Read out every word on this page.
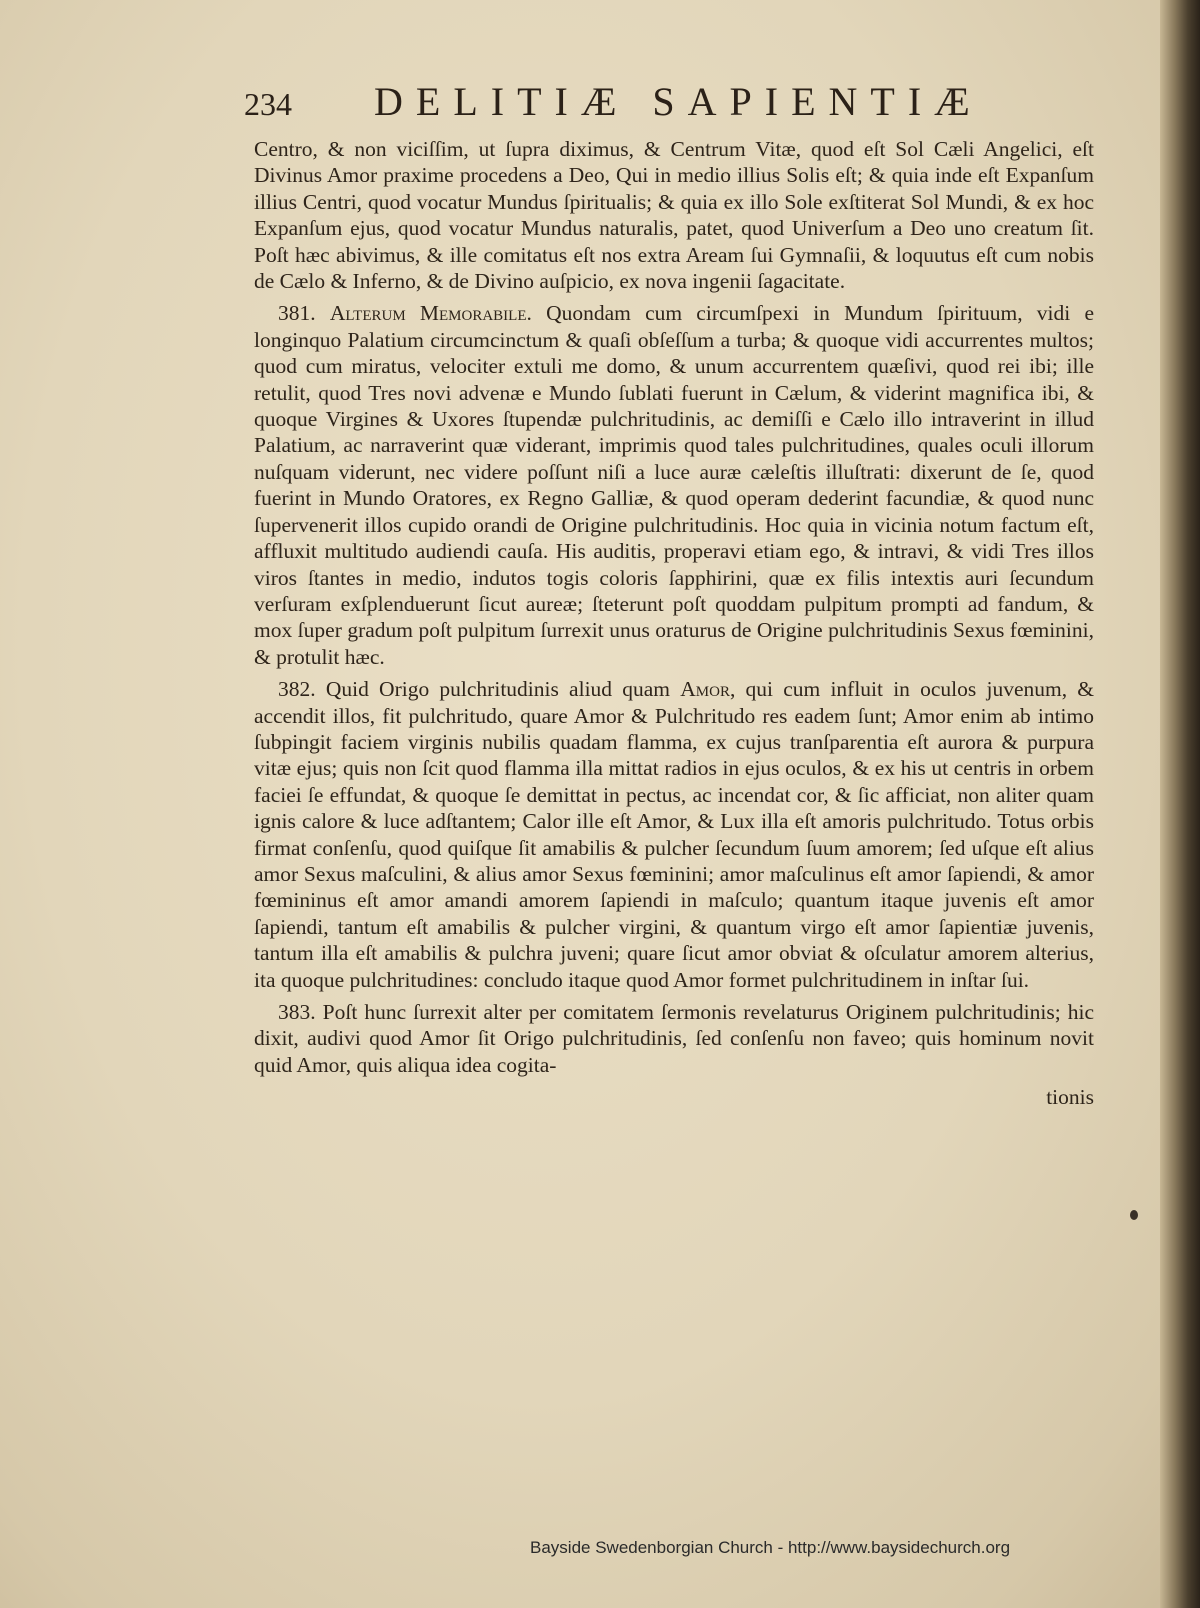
234 DELITIÆ SAPIENTIÆ

Centro, & non viciſſim, ut ſupra diximus, & Centrum Vitæ, quod eſt Sol Cæli Angelici, eſt Divinus Amor praxime procedens a Deo, Qui in medio illius Solis eſt; & quia inde eſt Expanſum illius Centri, quod vocatur Mundus ſpiritualis; & quia ex illo Sole exſtiterat Sol Mundi, & ex hoc Expanſum ejus, quod vocatur Mundus naturalis, patet, quod Univerſum a Deo uno creatum ſit. Poſt hæc abivimus, & ille comitatus eſt nos extra Aream ſui Gymnaſii, & loquutus eſt cum nobis de Cælo & Inferno, & de Divino auſpicio, ex nova ingenii ſagacitate.

381. Alterum Memorabile. Quondam cum circumſpexi in Mundum ſpirituum, vidi e longinquo Palatium circumcinctum & quaſi obſeſſum a turba; & quoque vidi accurrentes multos; quod cum miratus, velociter extuli me domo, & unum accurrentem quæſivi, quod rei ibi; ille retulit, quod Tres novi advenæ e Mundo ſublati fuerunt in Cælum, & viderint magnifica ibi, & quoque Virgines & Uxores ſtupendæ pulchritudinis, ac demiſſi e Cælo illo intraverint in illud Palatium, ac narraverint quæ viderant, imprimis quod tales pulchritudines, quales oculi illorum nuſquam viderunt, nec videre poſſunt niſi a luce auræ cæleſtis illuſtrati: dixerunt de ſe, quod fuerint in Mundo Oratores, ex Regno Galliæ, & quod operam dederint facundiæ, & quod nunc ſupervenerit illos cupido orandi de Origine pulchritudinis. Hoc quia in vicinia notum factum eſt, affluxit multitudo audiendi cauſa. His auditis, properavi etiam ego, & intravi, & vidi Tres illos viros ſtantes in medio, indutos togis coloris ſapphirini, quæ ex filis intextis auri ſecundum verſuram exſplenduerunt ſicut aureæ; ſteterunt poſt quoddam pulpitum prompti ad fandum, & mox ſuper gradum poſt pulpitum ſurrexit unus oraturus de Origine pulchritudinis Sexus fœminini, & protulit hæc.

382. Quid Origo pulchritudinis aliud quam Amor, qui cum influit in oculos juvenum, & accendit illos, fit pulchritudo, quare Amor & Pulchritudo res eadem ſunt; Amor enim ab intimo ſubpingit faciem virginis nubilis quadam flamma, ex cujus tranſparentia eſt aurora & purpura vitæ ejus; quis non ſcit quod flamma illa mittat radios in ejus oculos, & ex his ut centris in orbem faciei ſe effundat, & quoque ſe demittat in pectus, ac incendat cor, & ſic afficiat, non aliter quam ignis calore & luce adſtantem; Calor ille eſt Amor, & Lux illa eſt amoris pulchritudo. Totus orbis firmat conſenſu, quod quiſque ſit amabilis & pulcher ſecundum ſuum amorem; ſed uſque eſt alius amor Sexus maſculini, & alius amor Sexus fœminini; amor maſculinus eſt amor ſapiendi, & amor fœmininus eſt amor amandi amorem ſapiendi in maſculo; quantum itaque juvenis eſt amor ſapiendi, tantum eſt amabilis & pulcher virgini, & quantum virgo eſt amor ſapientiæ juvenis, tantum illa eſt amabilis & pulchra juveni; quare ſicut amor obviat & oſculatur amorem alterius, ita quoque pulchritudines: concludo itaque quod Amor formet pulchritudinem in inſtar ſui.

383. Poſt hunc ſurrexit alter per comitatem ſermonis revelaturus Originem pulchritudinis; hic dixit, audivi quod Amor ſit Origo pulchritudinis, ſed conſenſu non faveo; quis hominum novit quid Amor, quis aliqua idea cogita-

tionis

Bayside Swedenborgian Church - http://www.baysidechurch.org
